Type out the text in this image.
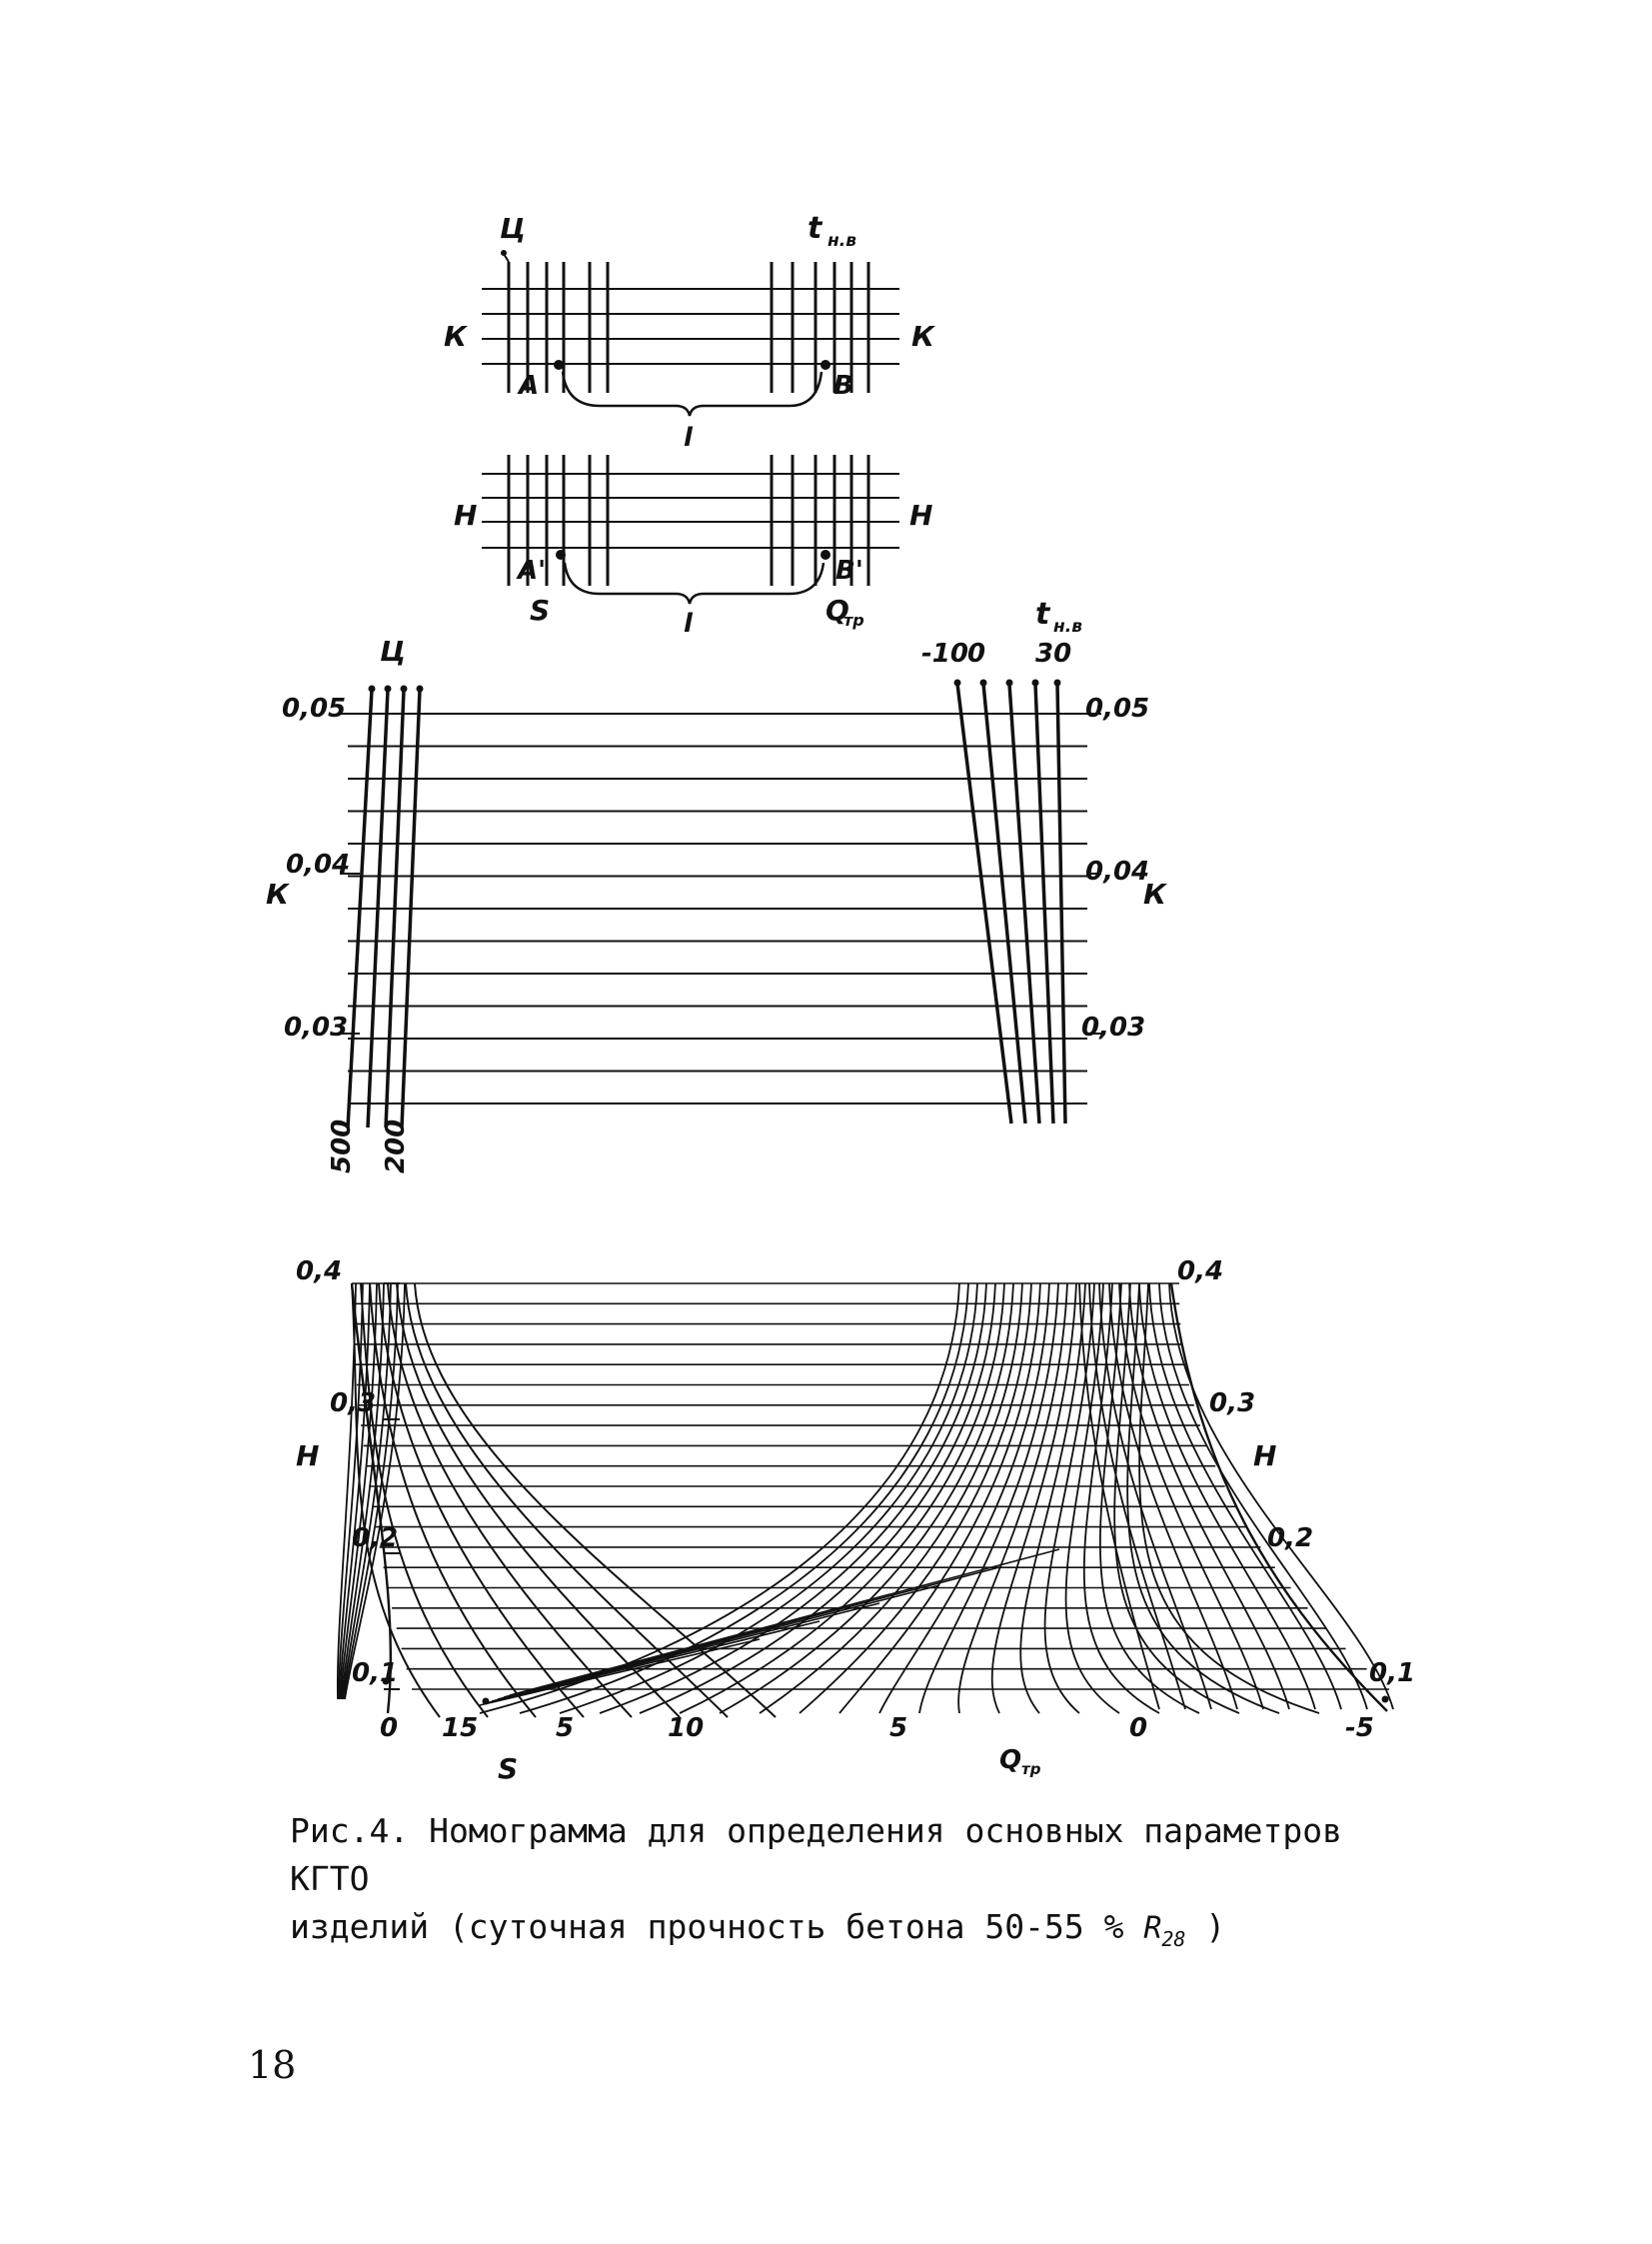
Ц	t н.в
К	К
А	В
l
Н	Н
А'	В'
S	l	Q
тр
Ц
t н.в
-10 0 30
500 200
0,05
0,04
0,03
0,05
0,04
0,03
К	К
0,4
0,3
0,2
0,1
0,4
0,3
0,2
0,1
Н	Н
0 15	5
S
10	5	0	-5
Q тр
Рис.4. Номограмма для определения основных параметров КГТО
изделий (суточная прочность бетона 50-55 % $R_{28}$ )
18
